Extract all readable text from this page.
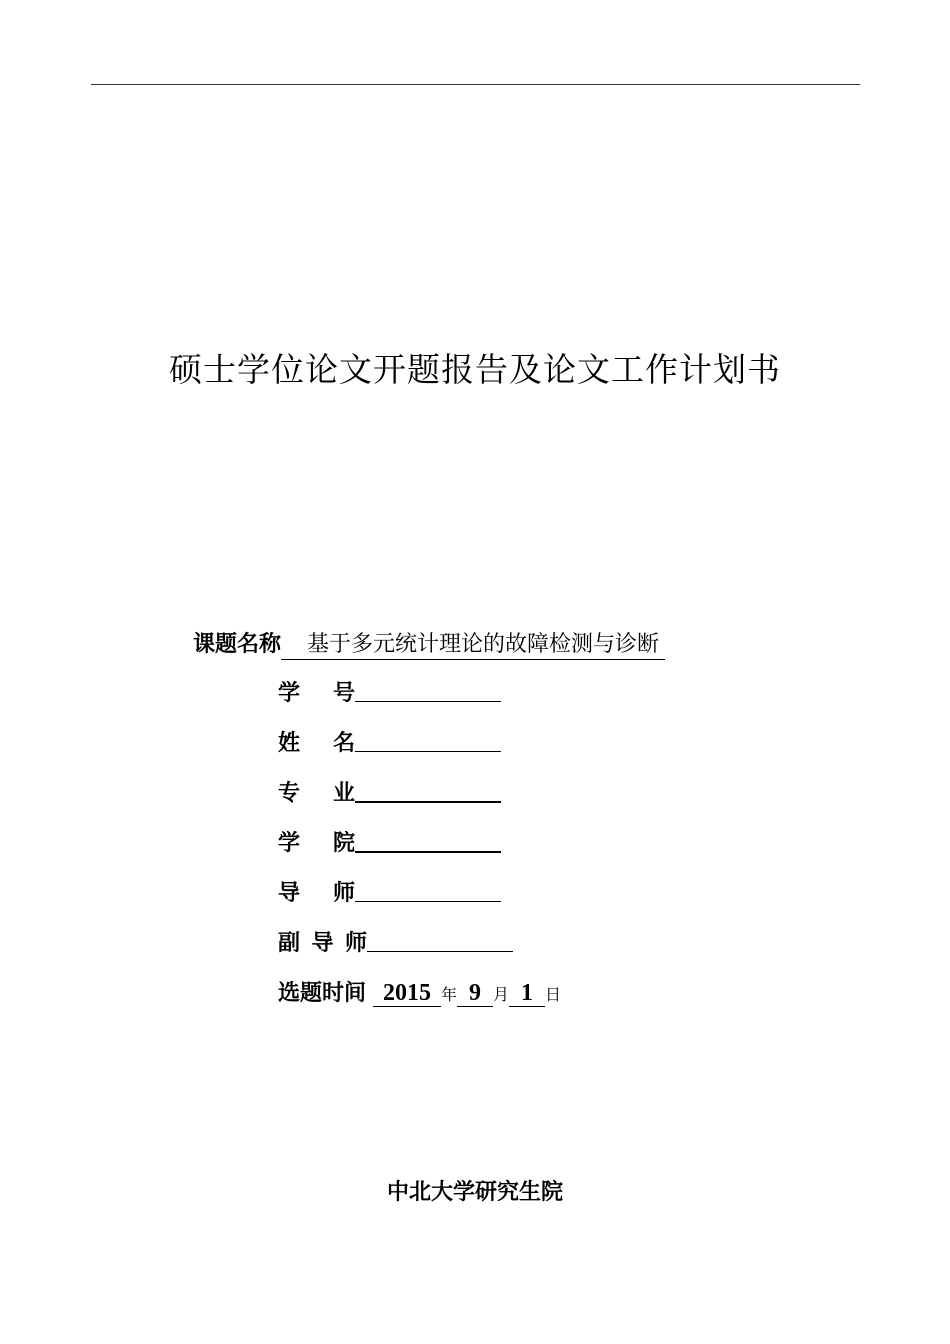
硕士学位论文开题报告及论文工作计划书
课题名称 基于多元统计理论的故障检测与诊断
学 号
姓 名
专 业
学 院
导 师
副 导 师
选题时间 2015 年 9 月 1 日
中北大学研究生院
